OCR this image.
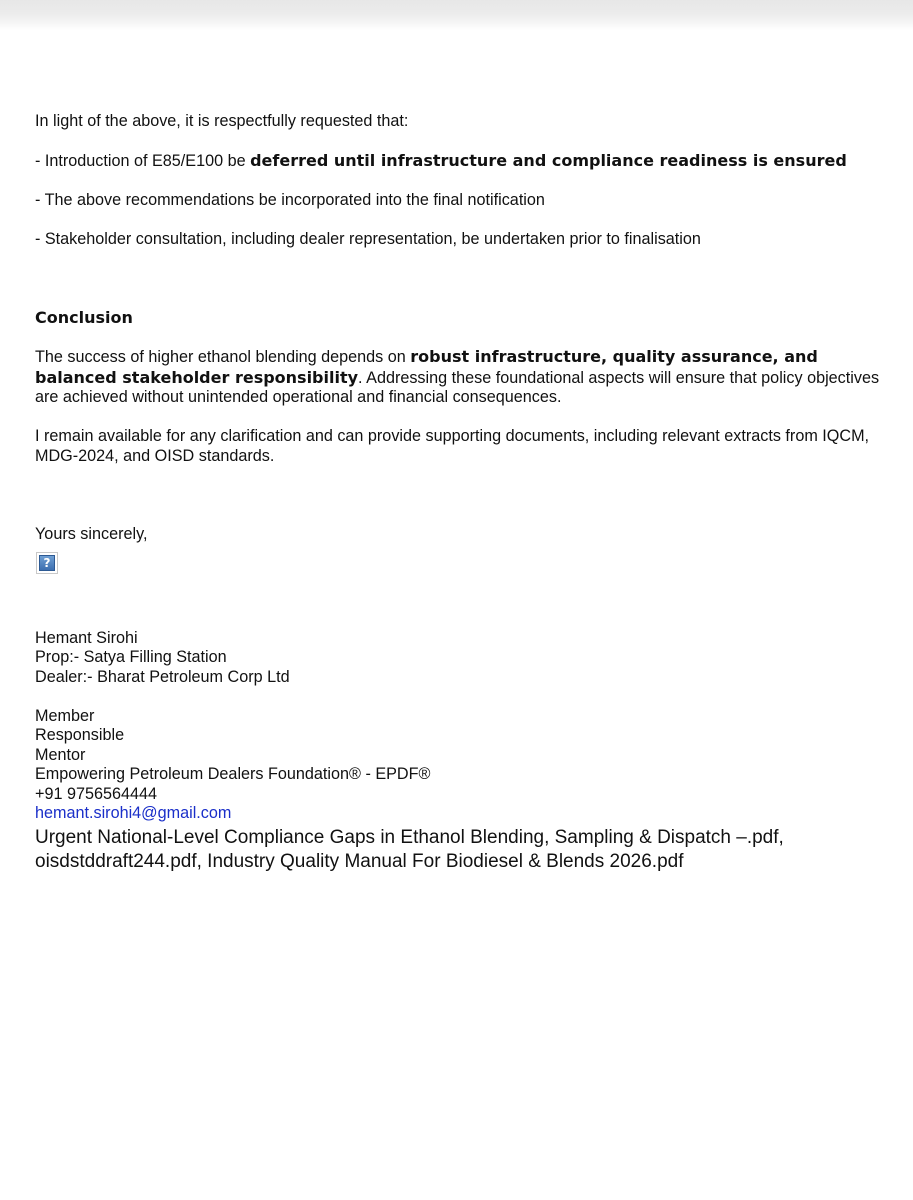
In light of the above, it is respectfully requested that:

- Introduction of E85/E100 be deferred until infrastructure and compliance readiness is ensured

- The above recommendations be incorporated into the final notification

- Stakeholder consultation, including dealer representation, be undertaken prior to finalisation

Conclusion

The success of higher ethanol blending depends on robust infrastructure, quality assurance, and balanced stakeholder responsibility. Addressing these foundational aspects will ensure that policy objectives are achieved without unintended operational and financial consequences.

I remain available for any clarification and can provide supporting documents, including relevant extracts from IQCM, MDG-2024, and OISD standards.

Yours sincerely,

?

Hemant Sirohi

Prop:- Satya Filling Station

Dealer:- Bharat Petroleum Corp Ltd

Member

Responsible

Mentor

Empowering Petroleum Dealers Foundation® - EPDF®

+91 9756564444

hemant.sirohi4@gmail.com

Urgent National-Level Compliance Gaps in Ethanol Blending, Sampling & Dispatch –.pdf,
oisdstddraft244.pdf, Industry Quality Manual For Biodiesel & Blends 2026.pdf
